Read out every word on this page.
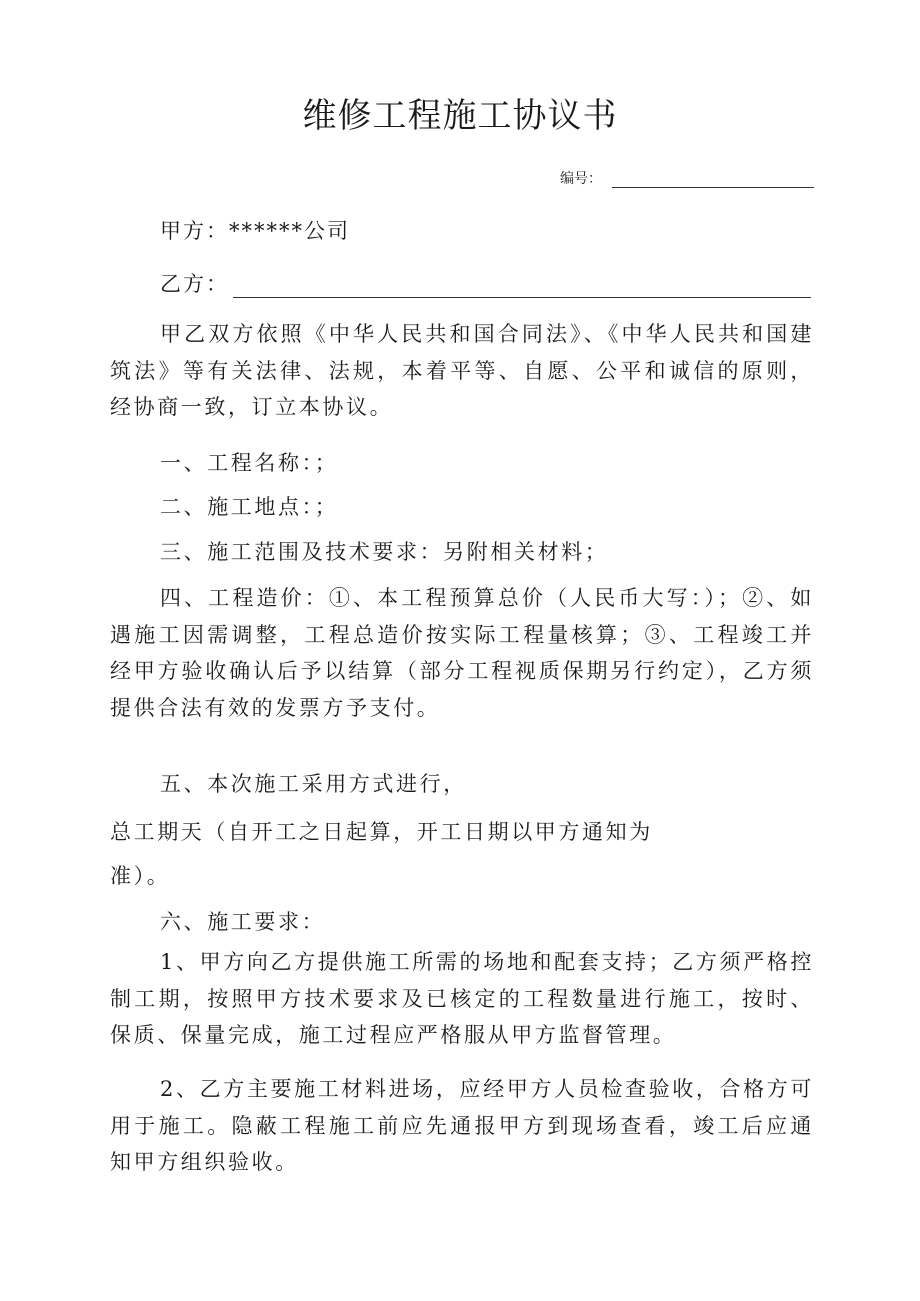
维修工程施工协议书
编号：
甲方：******公司
乙方：

甲乙双方依照《中华人民共和国合同法》、《中华人民共和国建筑法》等有关法律、法规，本着平等、自愿、公平和诚信的原则，经协商一致，订立本协议。

一、工程名称：；

二、施工地点：；

三、施工范围及技术要求：另附相关材料；

四、工程造价：①、本工程预算总价（人民币大写：）；②、如遇施工因需调整，工程总造价按实际工程量核算；③、工程竣工并经甲方验收确认后予以结算（部分工程视质保期另行约定），乙方须提供合法有效的发票方予支付。

五、本次施工采用方式进行，

总工期天（自开工之日起算，开工日期以甲方通知为

准）。

六、施工要求：

1、甲方向乙方提供施工所需的场地和配套支持；乙方须严格控制工期，按照甲方技术要求及已核定的工程数量进行施工，按时、保质、保量完成，施工过程应严格服从甲方监督管理。

2、乙方主要施工材料进场，应经甲方人员检查验收，合格方可用于施工。隐蔽工程施工前应先通报甲方到现场查看，竣工后应通知甲方组织验收。
